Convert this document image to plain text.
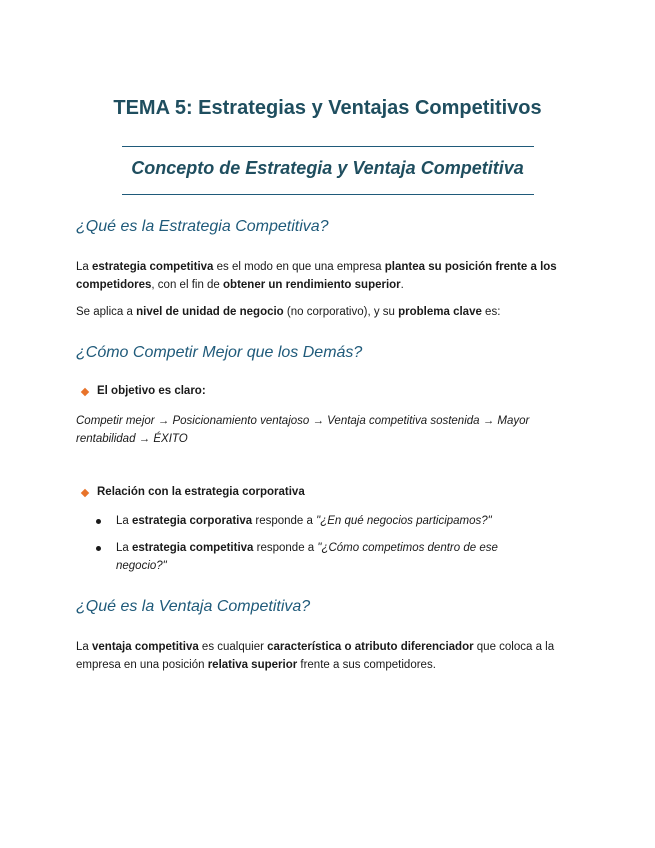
TEMA 5: Estrategias y Ventajas Competitivos
Concepto de Estrategia y Ventaja Competitiva
¿Qué es la Estrategia Competitiva?
La estrategia competitiva es el modo en que una empresa plantea su posición frente a los competidores, con el fin de obtener un rendimiento superior.
Se aplica a nivel de unidad de negocio (no corporativo), y su problema clave es:
¿Cómo Competir Mejor que los Demás?
El objetivo es claro:
Competir mejor → Posicionamiento ventajoso → Ventaja competitiva sostenida → Mayor rentabilidad → ÉXITO
Relación con la estrategia corporativa
La estrategia corporativa responde a "¿En qué negocios participamos?"
La estrategia competitiva responde a "¿Cómo competimos dentro de ese negocio?"
¿Qué es la Ventaja Competitiva?
La ventaja competitiva es cualquier característica o atributo diferenciador que coloca a la empresa en una posición relativa superior frente a sus competidores.
